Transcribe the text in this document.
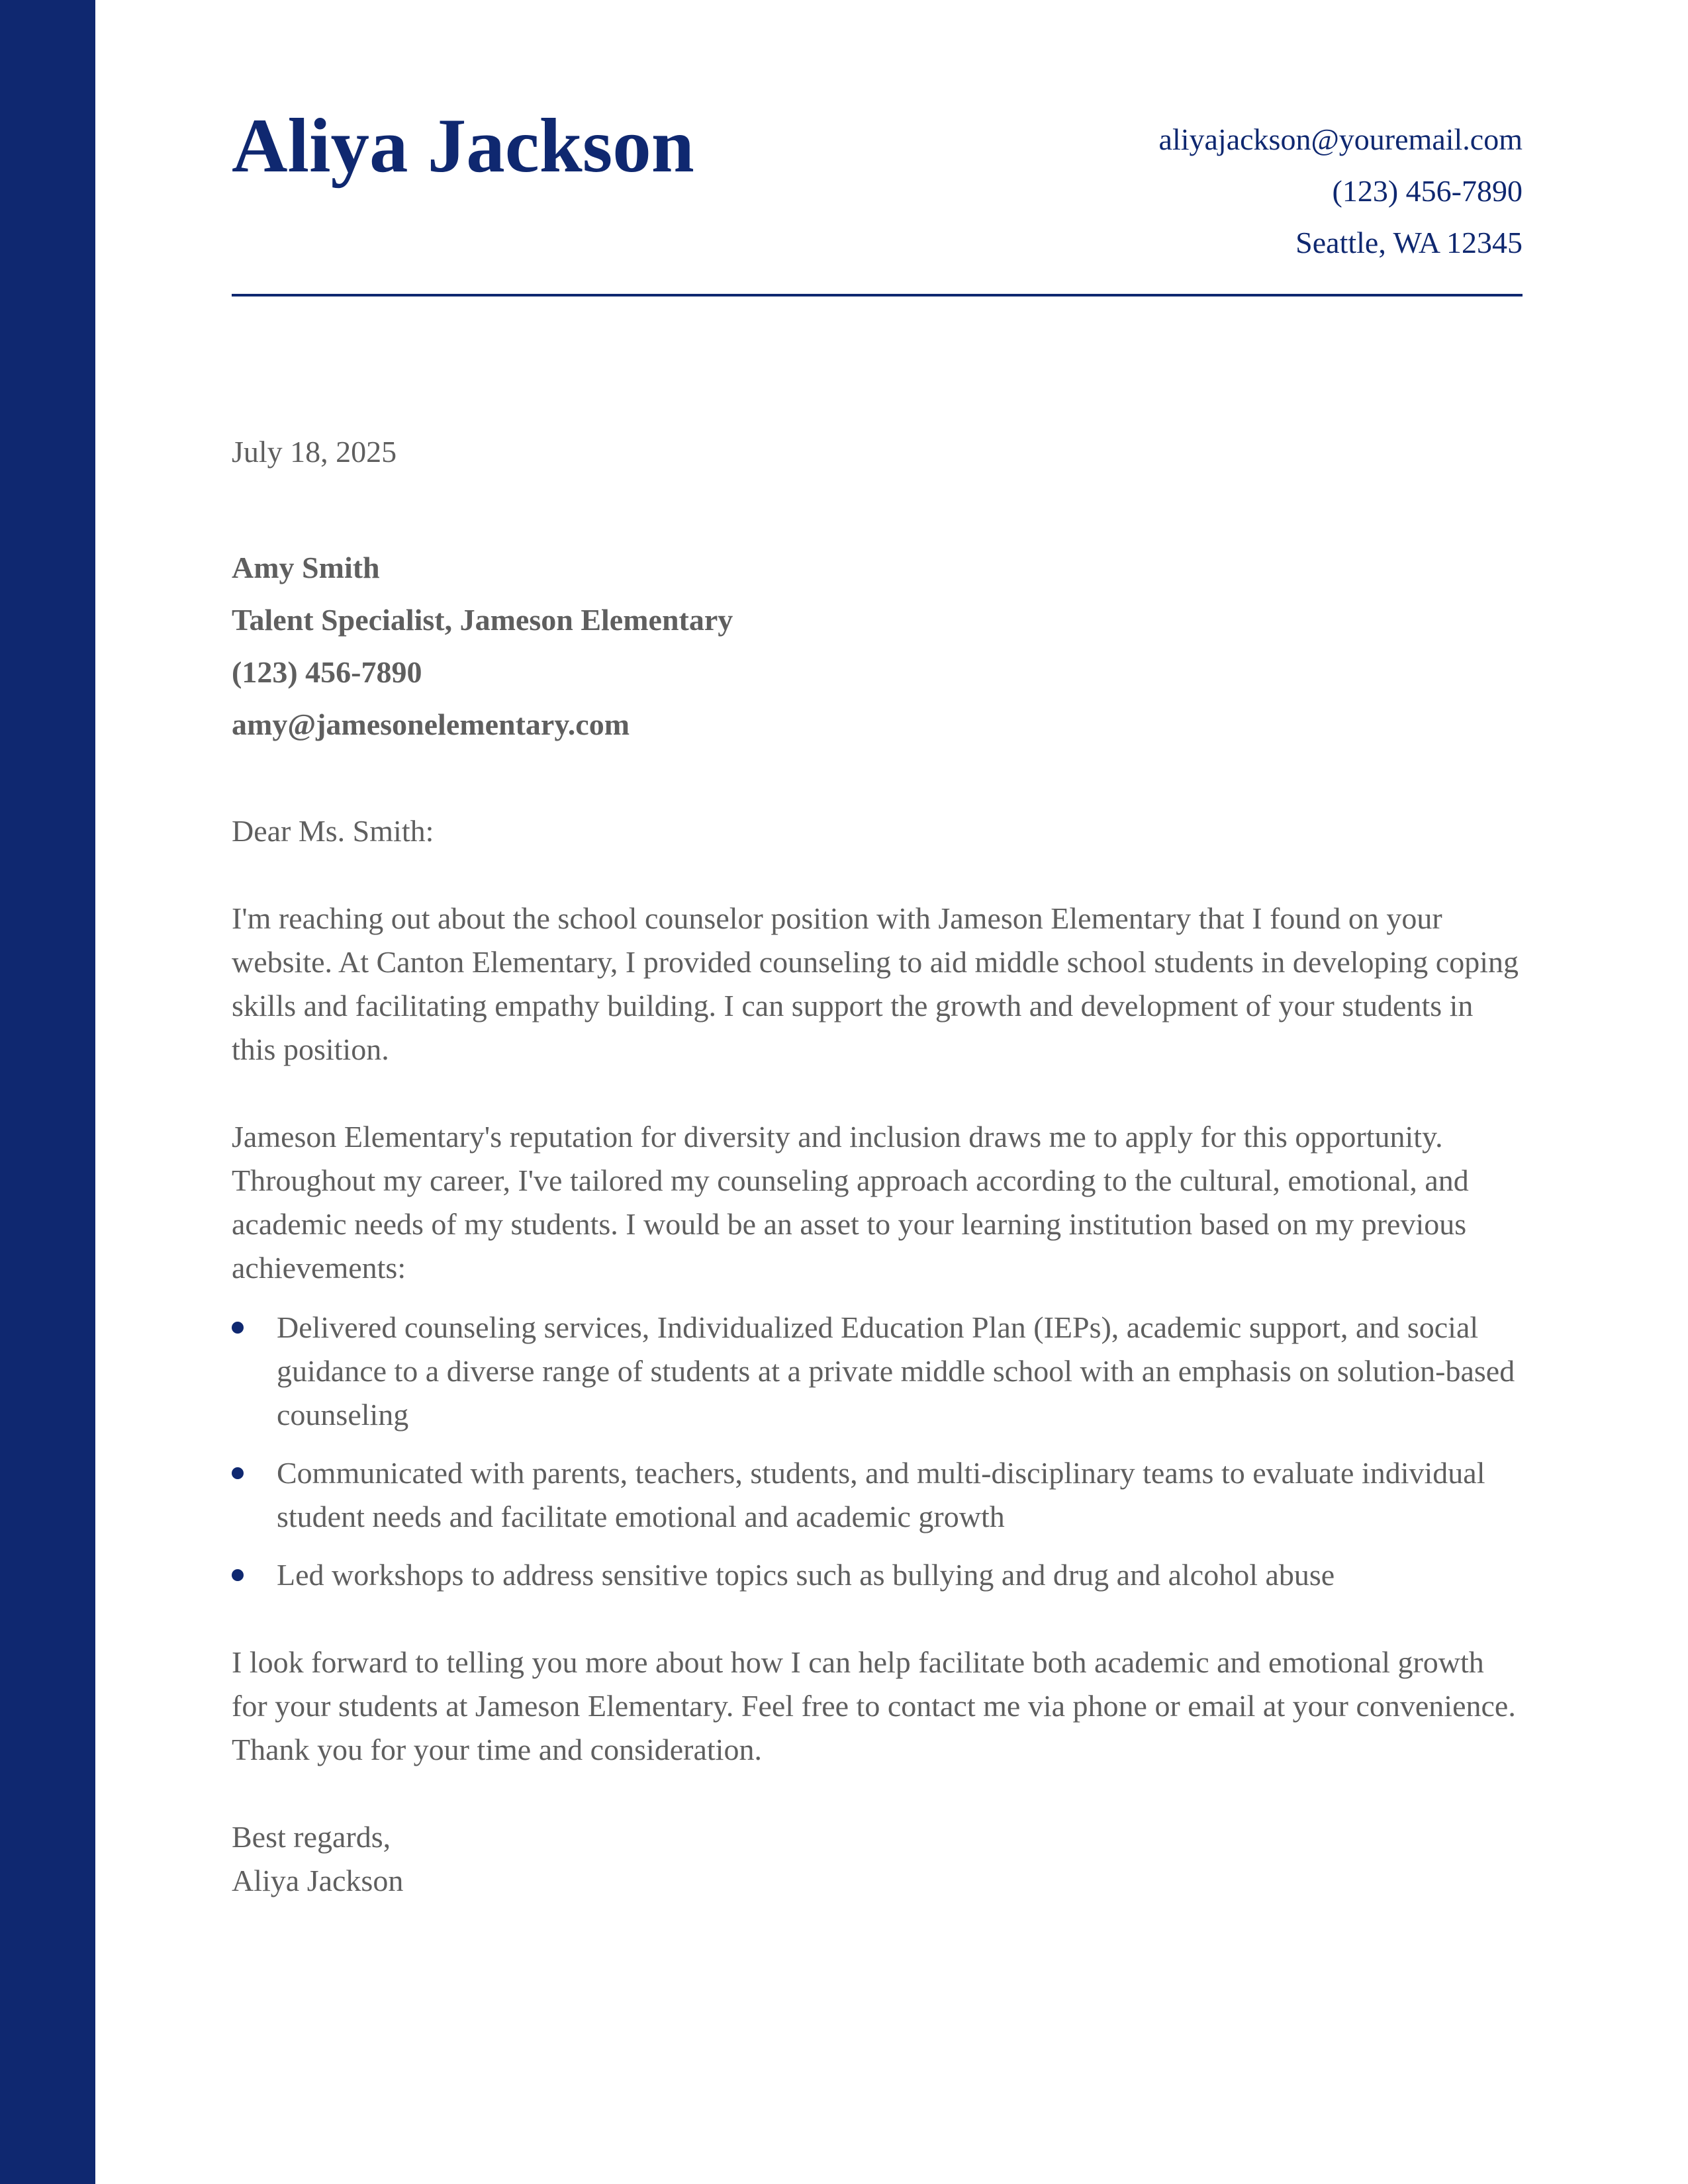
Aliya Jackson	aliyajackson@youremail.com
(123) 456-7890
Seattle, WA 12345
July 18, 2025
Amy Smith
Talent Specialist, Jameson Elementary
(123) 456-7890
amy@jamesonelementary.com

Dear Ms. Smith:

I'm reaching out about the school counselor position with Jameson Elementary that I found on your website. At Canton Elementary, I provided counseling to aid middle school students in developing coping skills and facilitating empathy building. I can support the growth and development of your students in this position.

Jameson Elementary's reputation for diversity and inclusion draws me to apply for this opportunity. Throughout my career, I've tailored my counseling approach according to the cultural, emotional, and academic needs of my students. I would be an asset to your learning institution based on my previous achievements:

Delivered counseling services, Individualized Education Plan (IEPs), academic support, and social guidance to a diverse range of students at a private middle school with an emphasis on solution-based counseling
Communicated with parents, teachers, students, and multi-disciplinary teams to evaluate individual student needs and facilitate emotional and academic growth
Led workshops to address sensitive topics such as bullying and drug and alcohol abuse

I look forward to telling you more about how I can help facilitate both academic and emotional growth for your students at Jameson Elementary. Feel free to contact me via phone or email at your convenience. Thank you for your time and consideration.

Best regards,

Aliya Jackson
